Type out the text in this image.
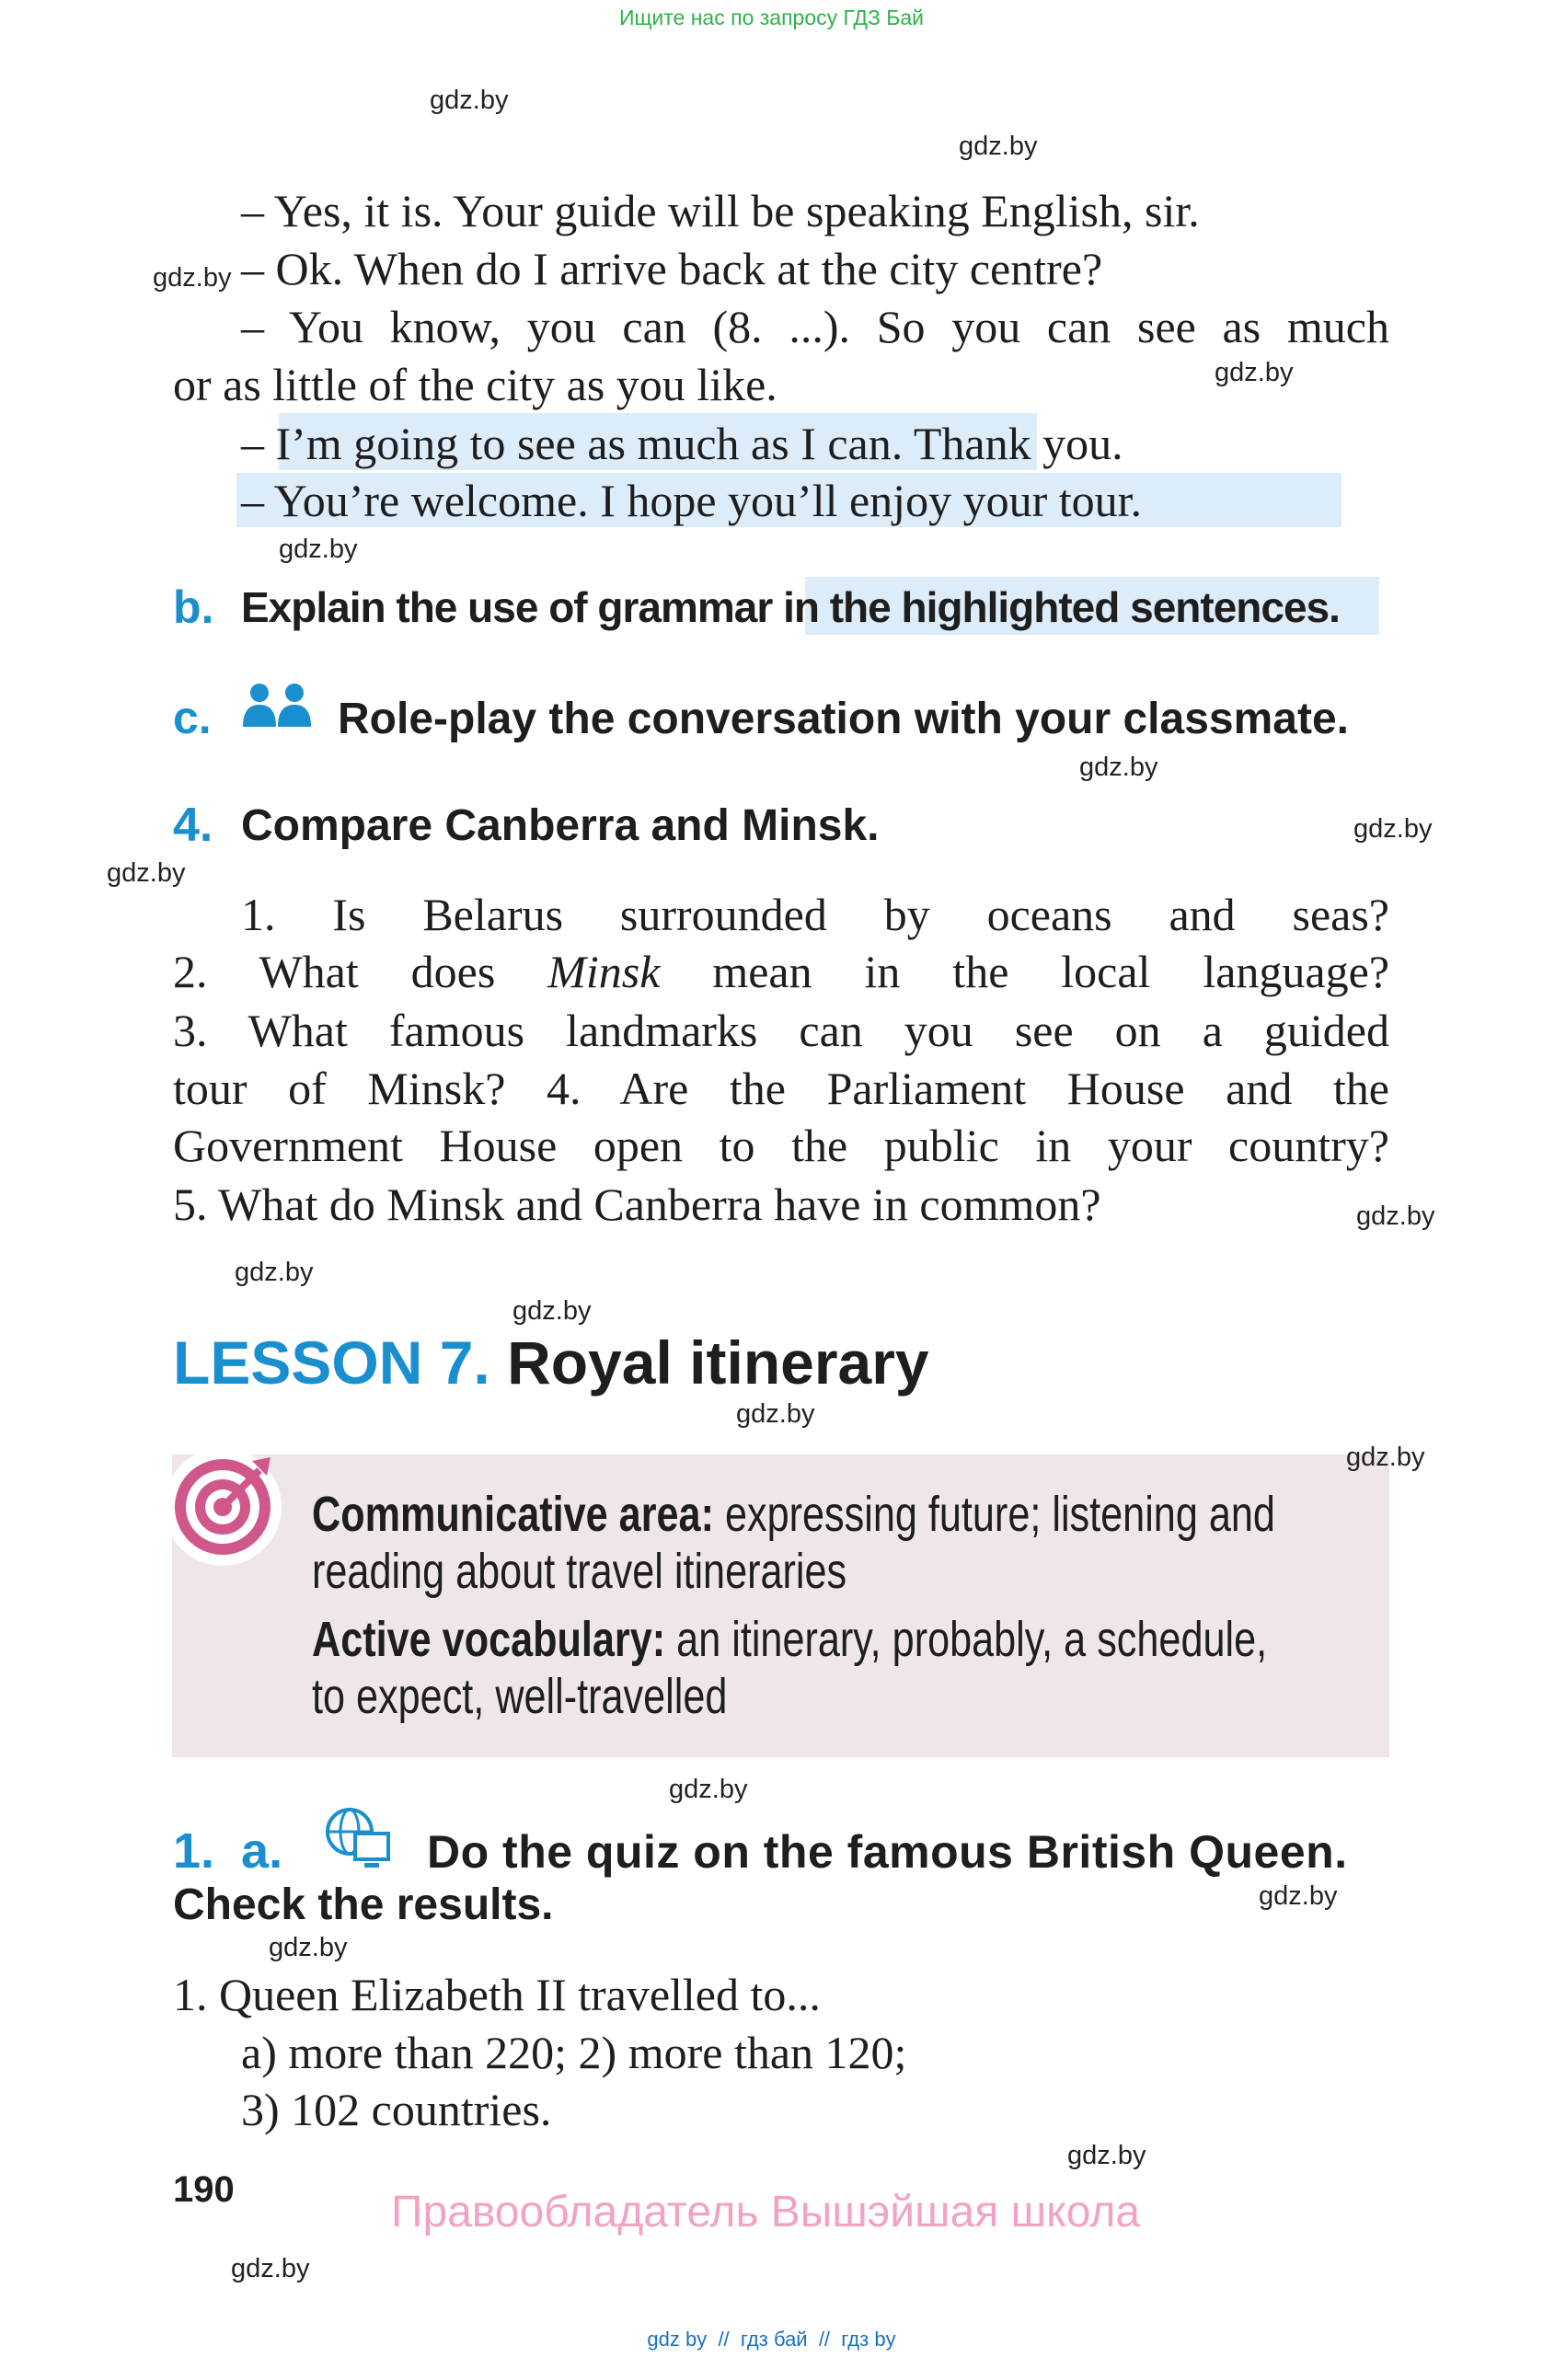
Ищите нас по запросу ГДЗ Бай
gdz.by
gdz.by
gdz.by
gdz.by
gdz.by
gdz.by
gdz.by
gdz.by
gdz.by
gdz.by
gdz.by
gdz.by
gdz.by
gdz.by
gdz.by
gdz.by
gdz.by
gdz.by
– Yes, it is. Your guide will be speaking English, sir.
– Ok. When do I arrive back at the city centre?
– You know, you can (8. ...). So you can see as much
or as little of the city as you like.
– I’m going to see as much as I can. Thank you.
– You’re welcome. I hope you’ll enjoy your tour.
b. Explain the use of grammar in the highlighted sentences.
c.	Role-play the conversation with your classmate.
4. Compare Canberra and Minsk.
1. Is Belarus surrounded by oceans and seas?
2. What does Minsk mean in the local language?
3. What famous landmarks can you see on a guided
tour of Minsk? 4. Are the Parliament House and the
Government House open to the public in your country?
5. What do Minsk and Canberra have in common?
LESSON 7. Royal itinerary
Communicative area: expressing future; listening and
reading about travel itineraries
Active vocabulary: an itinerary, probably, a schedule,
to expect, well-travelled
1. a.	Do the quiz on the famous British Queen.
Check the results.
1. Queen Elizabeth II travelled to...
a) more than 220; 2) more than 120;
3) 102 countries.
190	Правообладатель Вышэйшая школа
gdz by  //  гдз бай  //  гдз by
